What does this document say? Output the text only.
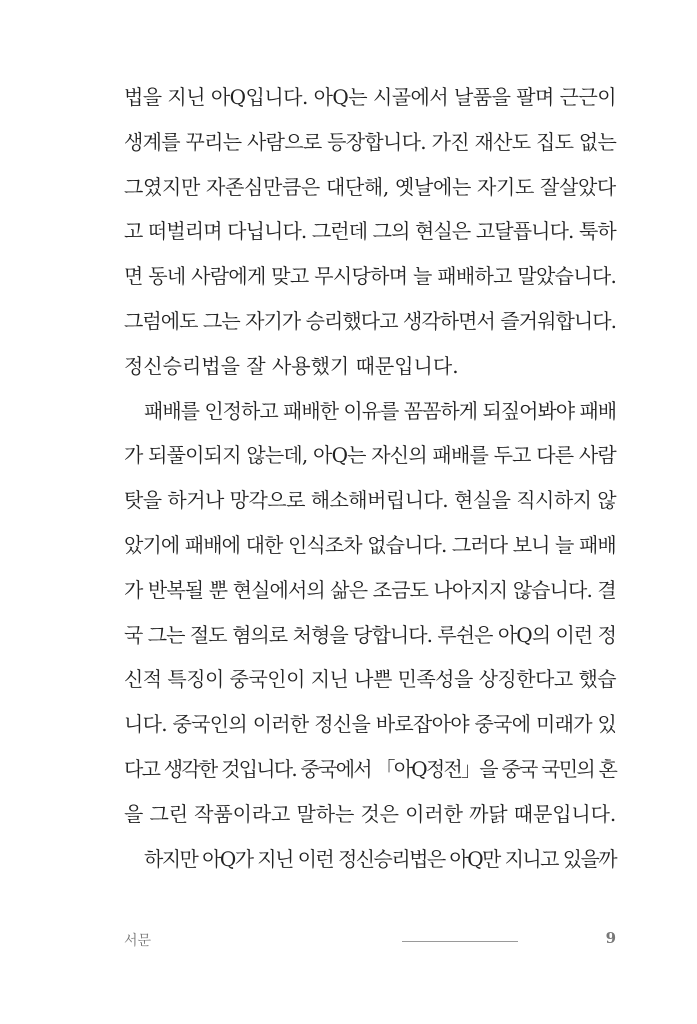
법을 지닌 아Q입니다. 아Q는 시골에서 날품을 팔며 근근이
생계를 꾸리는 사람으로 등장합니다. 가진 재산도 집도 없는
그였지만 자존심만큼은 대단해, 옛날에는 자기도 잘살았다
고 떠벌리며 다닙니다. 그런데 그의 현실은 고달픕니다. 툭하
면 동네 사람에게 맞고 무시당하며 늘 패배하고 말았습니다.
그럼에도 그는 자기가 승리했다고 생각하면서 즐거워합니다.
정신승리법을 잘 사용했기 때문입니다.
패배를 인정하고 패배한 이유를 꼼꼼하게 되짚어봐야 패배
가 되풀이되지 않는데, 아Q는 자신의 패배를 두고 다른 사람
탓을 하거나 망각으로 해소해버립니다. 현실을 직시하지 않
았기에 패배에 대한 인식조차 없습니다. 그러다 보니 늘 패배
가 반복될 뿐 현실에서의 삶은 조금도 나아지지 않습니다. 결
국 그는 절도 혐의로 처형을 당합니다. 루쉰은 아Q의 이런 정
신적 특징이 중국인이 지닌 나쁜 민족성을 상징한다고 했습
니다. 중국인의 이러한 정신을 바로잡아야 중국에 미래가 있
다고 생각한 것입니다. 중국에서 「아Q정전」을 중국 국민의 혼
을 그린 작품이라고 말하는 것은 이러한 까닭 때문입니다.
하지만 아Q가 지닌 이런 정신승리법은 아Q만 지니고 있을까
서문	9
